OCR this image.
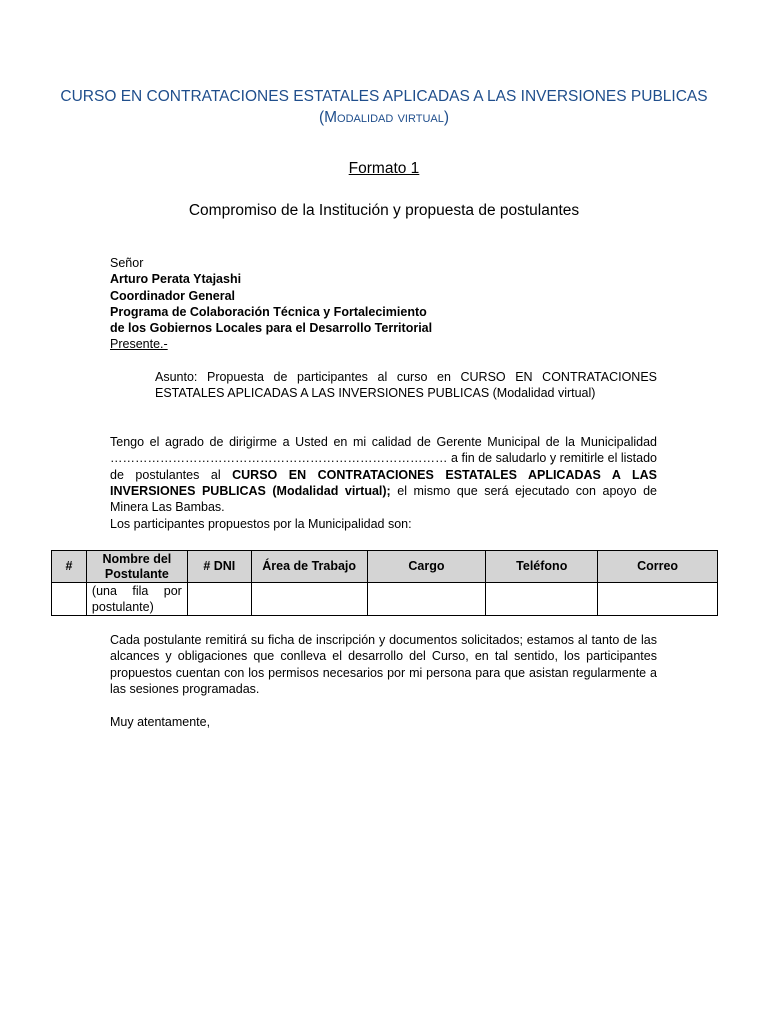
CURSO EN CONTRATACIONES ESTATALES APLICADAS A LAS INVERSIONES PUBLICAS (Modalidad virtual)
Formato 1
Compromiso de la Institución y propuesta de postulantes
Señor
Arturo Perata Ytajashi
Coordinador General
Programa de Colaboración Técnica y Fortalecimiento
de los Gobiernos Locales para el Desarrollo Territorial
Presente.-
Asunto: Propuesta de participantes al curso en CURSO EN CONTRATACIONES ESTATALES APLICADAS A LAS INVERSIONES PUBLICAS (Modalidad virtual)
Tengo el agrado de dirigirme a Usted en mi calidad de Gerente Municipal de la Municipalidad ……………………………………………………………………… a fin de saludarlo y remitirle el listado de postulantes al CURSO EN CONTRATACIONES ESTATALES APLICADAS A LAS INVERSIONES PUBLICAS (Modalidad virtual); el mismo que será ejecutado con apoyo de Minera Las Bambas.
Los participantes propuestos por la Municipalidad son:
#	Nombre del Postulante	# DNI	Área de Trabajo	Cargo	Teléfono	Correo
	(una fila por postulante)					
Cada postulante remitirá su ficha de inscripción y documentos solicitados; estamos al tanto de las alcances y obligaciones que conlleva el desarrollo del Curso, en tal sentido, los participantes propuestos cuentan con los permisos necesarios por mi persona para que asistan regularmente a las sesiones programadas.
Muy atentamente,
